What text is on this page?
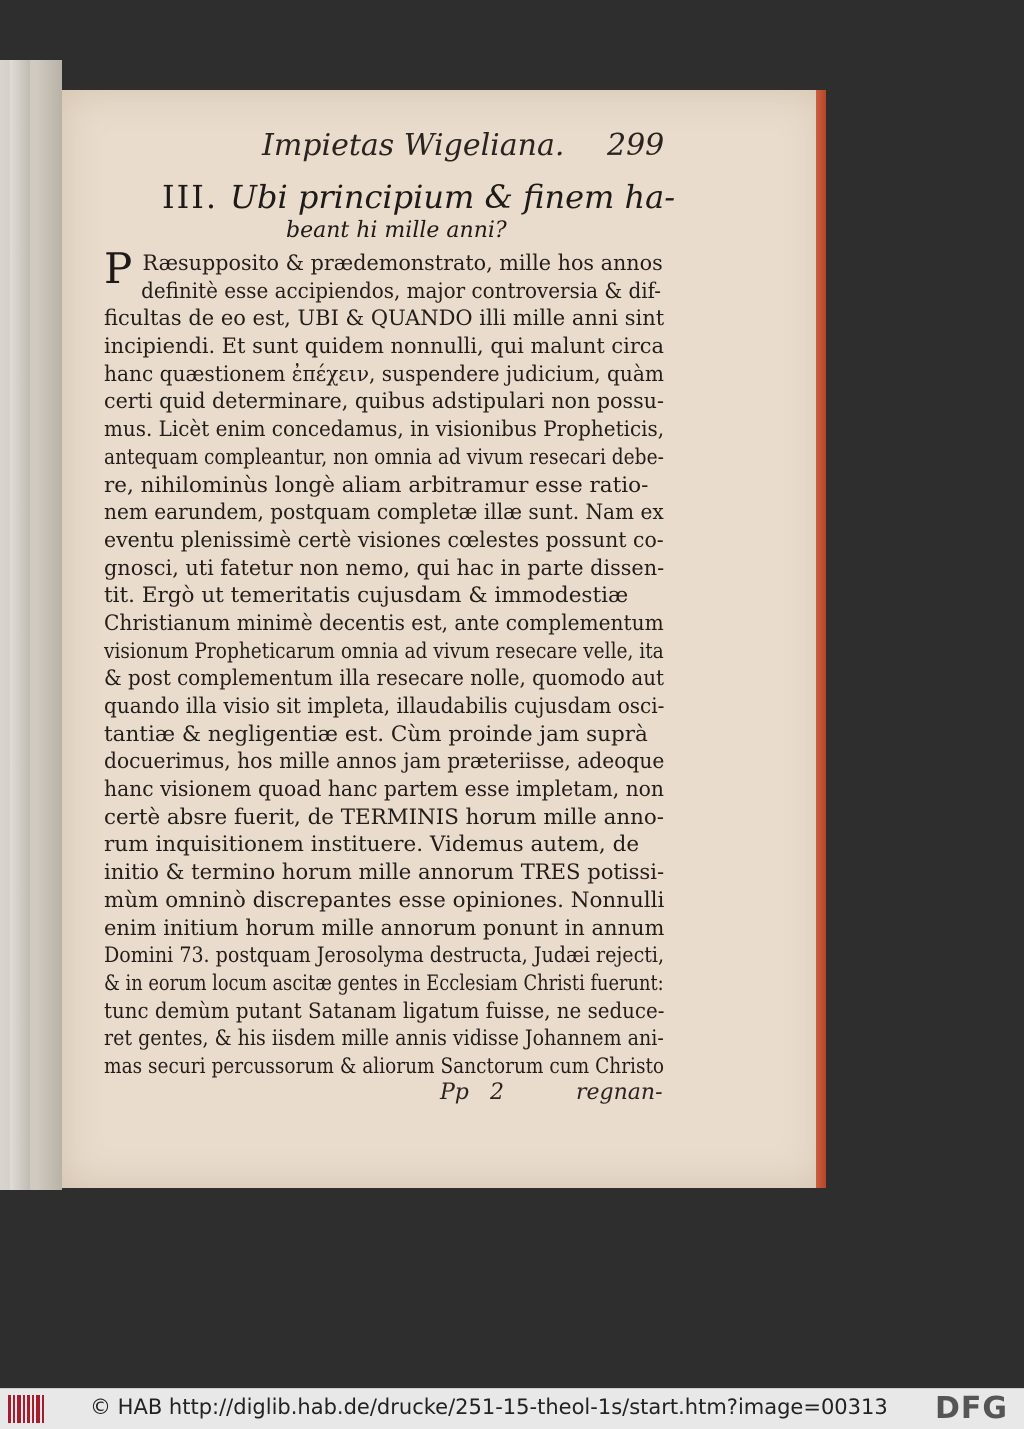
Impietas Wigeliana. 299
III. Ubi principium & finem ha-
beant hi mille anni?
P Ræsupposito & prædemonstrato, mille hos annos
definitè esse accipiendos, major controversia & dif-
ficultas de eo est, UBI & QUANDO illi mille anni sint
incipiendi. Et sunt quidem nonnulli, qui malunt circa
hanc quæstionem ἐπέχειν, suspendere judicium, quàm
certi quid determinare, quibus adstipulari non possu-
mus. Licèt enim concedamus, in visionibus Propheticis,
antequam compleantur, non omnia ad vivum resecari debe-
re, nihilominùs longè aliam arbitramur esse ratio-
nem earundem, postquam completæ illæ sunt. Nam ex
eventu plenissimè certè visiones cœlestes possunt co-
gnosci, uti fatetur non nemo, qui hac in parte dissen-
tit. Ergò ut temeritatis cujusdam & immodestiæ
Christianum minimè decentis est, ante complementum
visionum Propheticarum omnia ad vivum resecare velle, ita
& post complementum illa resecare nolle, quomodo aut
quando illa visio sit impleta, illaudabilis cujusdam osci-
tantiæ & negligentiæ est. Cùm proinde jam suprà
docuerimus, hos mille annos jam præteriisse, adeoque
hanc visionem quoad hanc partem esse impletam, non
certè absre fuerit, de TERMINIS horum mille anno-
rum inquisitionem instituere. Videmus autem, de
initio & termino horum mille annorum TRES potissi-
mùm omninò discrepantes esse opiniones. Nonnulli
enim initium horum mille annorum ponunt in annum
Domini 73. postquam Jerosolyma destructa, Judæi rejecti,
& in eorum locum ascitæ gentes in Ecclesiam Christi fuerunt:
tunc demùm putant Satanam ligatum fuisse, ne seduce-
ret gentes, & his iisdem mille annis vidisse Johannem ani-
mas securi percussorum & aliorum Sanctorum cum Christo
Pp 2	regnan-
© HAB http://diglib.hab.de/drucke/251-15-theol-1s/start.htm?image=00313 DFG
